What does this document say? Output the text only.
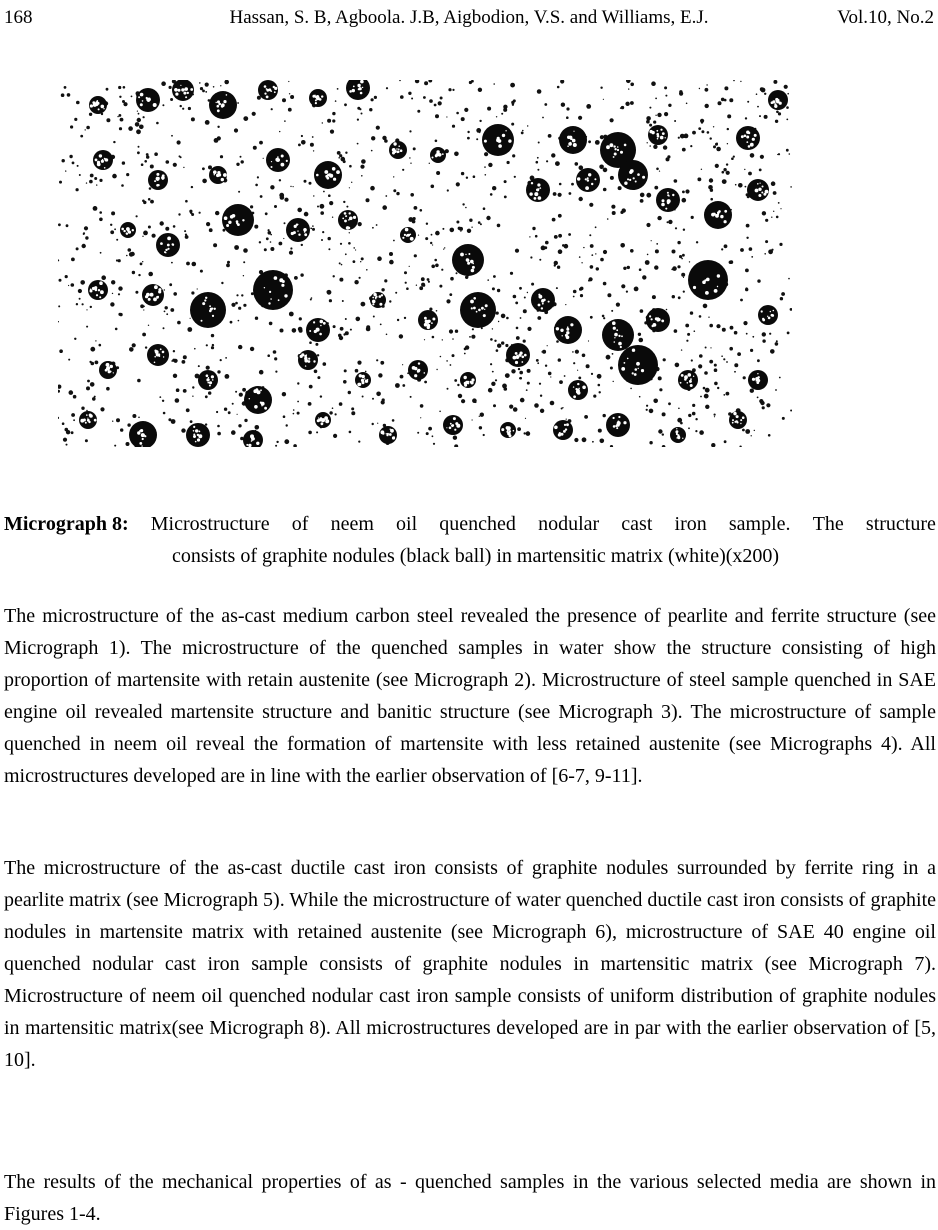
168	Hassan, S. B, Agboola. J.B, Aigbodion, V.S. and Williams, E.J.	Vol.10, No.2
Micrograph 8: Microstructure of neem oil quenched nodular cast iron sample. The structure
consists of graphite nodules (black ball) in martensitic matrix (white)(x200)

The microstructure of the as-cast medium carbon steel revealed the presence of pearlite and ferrite structure (see Micrograph 1). The microstructure of the quenched samples in water show the structure consisting of high proportion of martensite with retain austenite (see Micrograph 2). Microstructure of steel sample quenched in SAE engine oil revealed martensite structure and banitic structure (see Micrograph 3). The microstructure of sample quenched in neem oil reveal the formation of martensite with less retained austenite (see Micrographs 4). All microstructures developed are in line with the earlier observation of [6-7, 9-11].

The microstructure of the as-cast ductile cast iron consists of graphite nodules surrounded by ferrite ring in a pearlite matrix (see Micrograph 5). While the microstructure of water quenched ductile cast iron consists of graphite nodules in martensite matrix with retained austenite (see Micrograph 6), microstructure of SAE 40 engine oil quenched nodular cast iron sample consists of graphite nodules in martensitic matrix (see Micrograph 7). Microstructure of neem oil quenched nodular cast iron sample consists of uniform distribution of graphite nodules in martensitic matrix(see Micrograph 8). All microstructures developed are in par with the earlier observation of [5, 10].

The results of the mechanical properties of as - quenched samples in the various selected media are shown in Figures 1-4.
